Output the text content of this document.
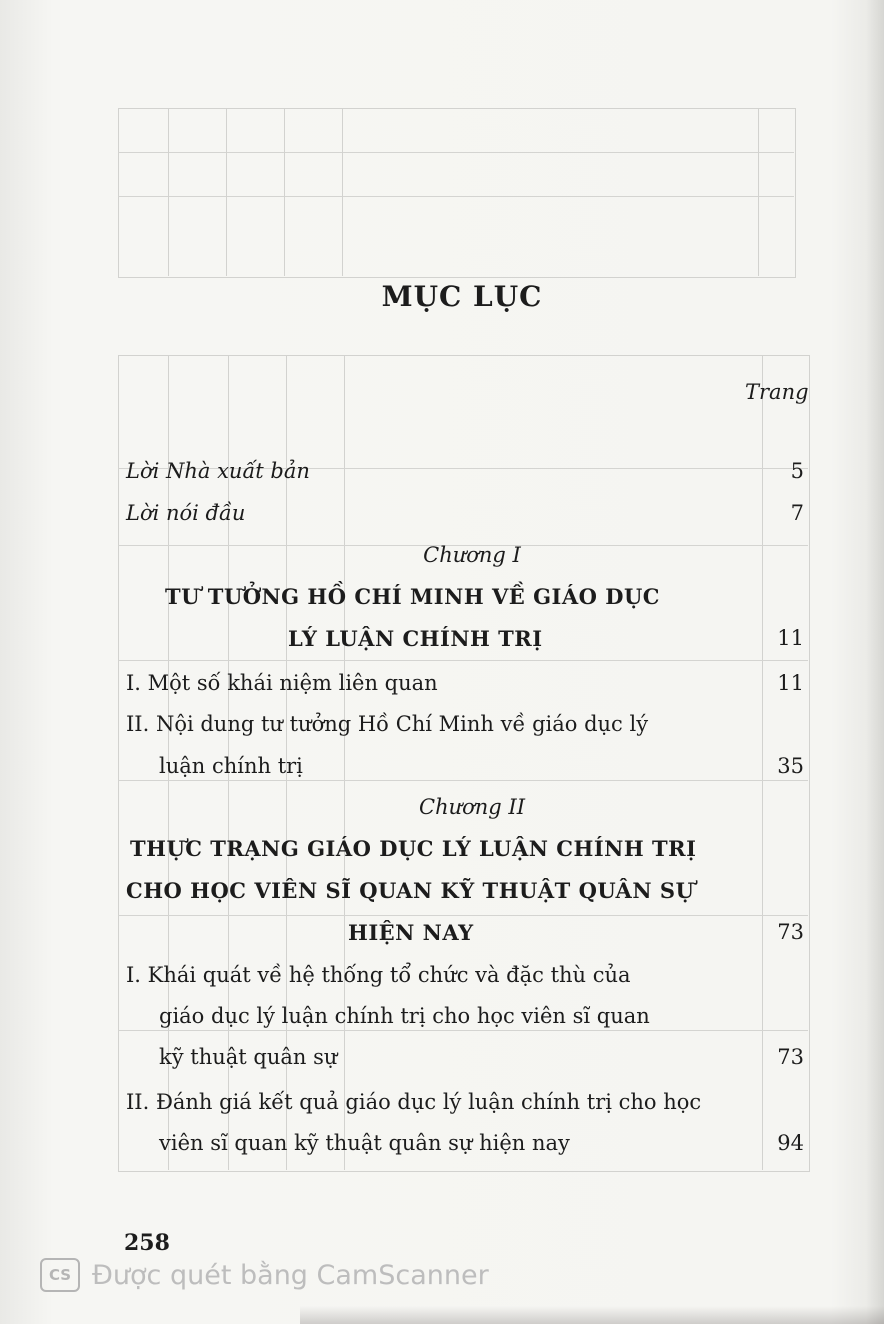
MỤC LỤC
Trang
Lời Nhà xuất bản	5
Lời nói đầu	7
Chương I
TƯ TƯỞNG HỒ CHÍ MINH VỀ GIÁO DỤC
LÝ LUẬN CHÍNH TRỊ	11
I. Một số khái niệm liên quan	11
II. Nội dung tư tưởng Hồ Chí Minh về giáo dục lý
luận chính trị	35
Chương II
THỰC TRẠNG GIÁO DỤC LÝ LUẬN CHÍNH TRỊ
CHO HỌC VIÊN SĨ QUAN KỸ THUẬT QUÂN SỰ
HIỆN NAY	73
I. Khái quát về hệ thống tổ chức và đặc thù của
giáo dục lý luận chính trị cho học viên sĩ quan
kỹ thuật quân sự	73
II. Đánh giá kết quả giáo dục lý luận chính trị cho học
viên sĩ quan kỹ thuật quân sự hiện nay	94
258
CS Được quét bằng CamScanner
